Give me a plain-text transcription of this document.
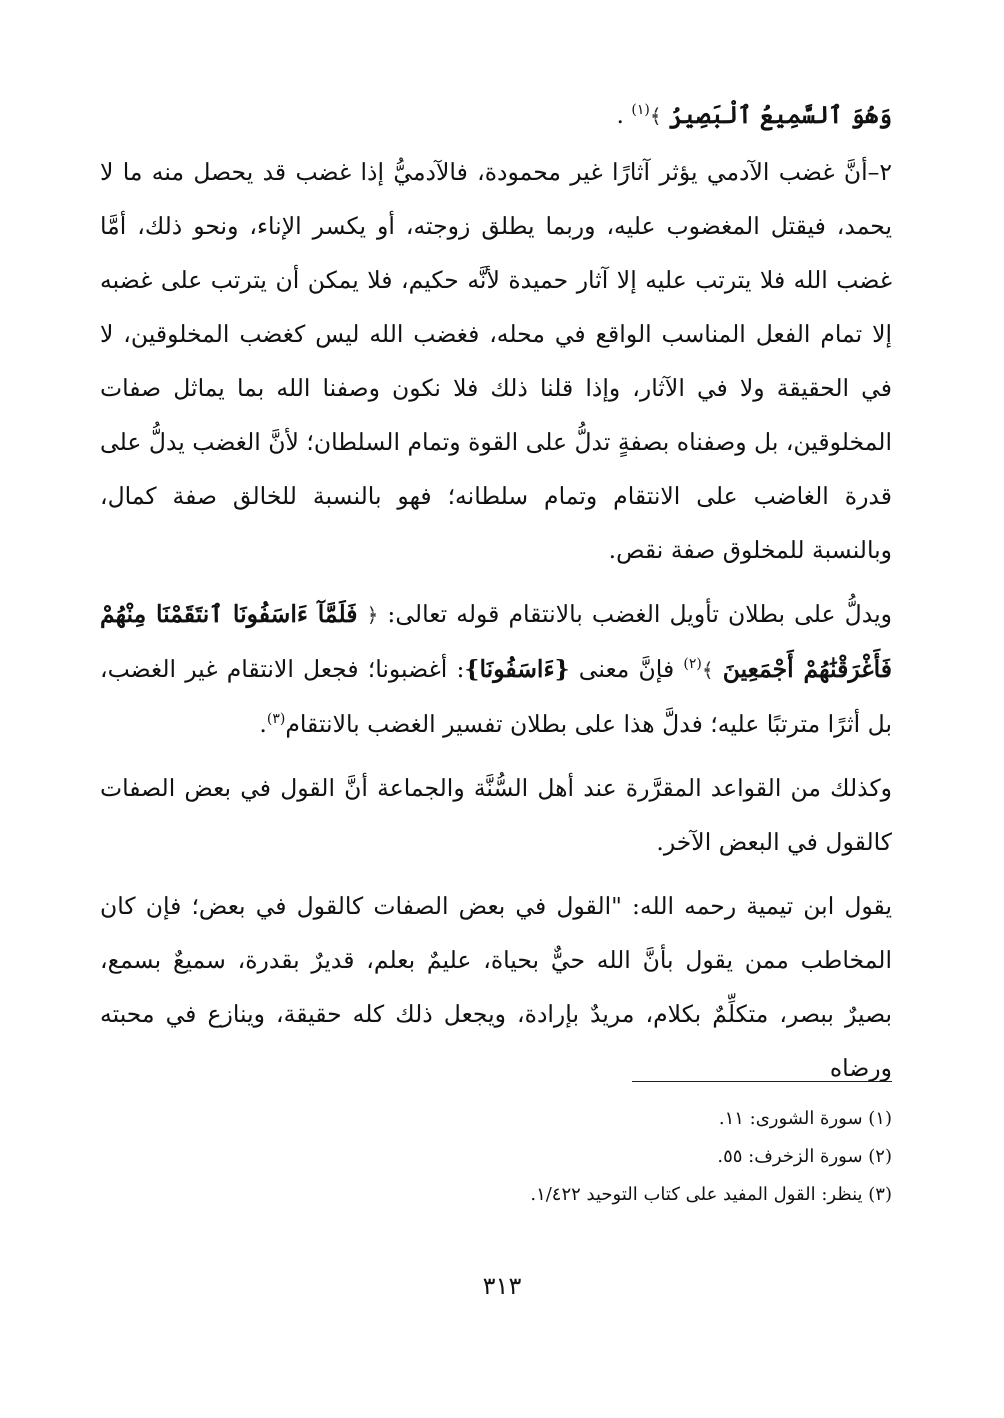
وَهُوَ ٱلسَّمِيعُ ٱلْبَصِيرُ ﴾$^{(١)}$ .

٢–أنَّ غضب الآدمي يؤثر آثارًا غير محمودة، فالآدميُّ إذا غضب قد يحصل منه ما لا يحمد، فيقتل المغضوب عليه، وربما يطلق زوجته، أو يكسر الإناء، ونحو ذلك، أمَّا غضب الله فلا يترتب عليه إلا آثار حميدة لأنَّه حكيم، فلا يمكن أن يترتب على غضبه إلا تمام الفعل المناسب الواقع في محله، فغضب الله ليس كغضب المخلوقين، لا في الحقيقة ولا في الآثار، وإذا قلنا ذلك فلا نكون وصفنا الله بما يماثل صفات المخلوقين، بل وصفناه بصفةٍ تدلُّ على القوة وتمام السلطان؛ لأنَّ الغضب يدلُّ على قدرة الغاضب على الانتقام وتمام سلطانه؛ فهو بالنسبة للخالق صفة كمال، وبالنسبة للمخلوق صفة نقص.

ويدلُّ على بطلان تأويل الغضب بالانتقام قوله تعالى: ﴿ فَلَمَّآ ءَاسَفُونَا ٱنتَقَمْنَا مِنْهُمْ فَأَغْرَقْنَٰهُمْ أَجْمَعِينَ ﴾$^{(٢)}$ فإنَّ معنى {ءَاسَفُونَا}: أغضبونا؛ فجعل الانتقام غير الغضب، بل أثرًا مترتبًا عليه؛ فدلَّ هذا على بطلان تفسير الغضب بالانتقام$^{(٣)}$.

وكذلك من القواعد المقرَّرة عند أهل السُّنَّة والجماعة أنَّ القول في بعض الصفات كالقول في البعض الآخر.

يقول ابن تيمية رحمه الله: "القول في بعض الصفات كالقول في بعض؛ فإن كان المخاطب ممن يقول بأنَّ الله حيٌّ بحياة، عليمٌ بعلم، قديرٌ بقدرة، سميعٌ بسمع، بصيرٌ ببصر، متكلِّمٌ بكلام، مريدٌ بإرادة، ويجعل ذلك كله حقيقة، وينازع في محبته ورضاه

(١) سورة الشورى: ١١.

(٢) سورة الزخرف: ٥٥.

(٣) ينظر: القول المفيد على كتاب التوحيد ١/٤٢٢.

٣١٣
